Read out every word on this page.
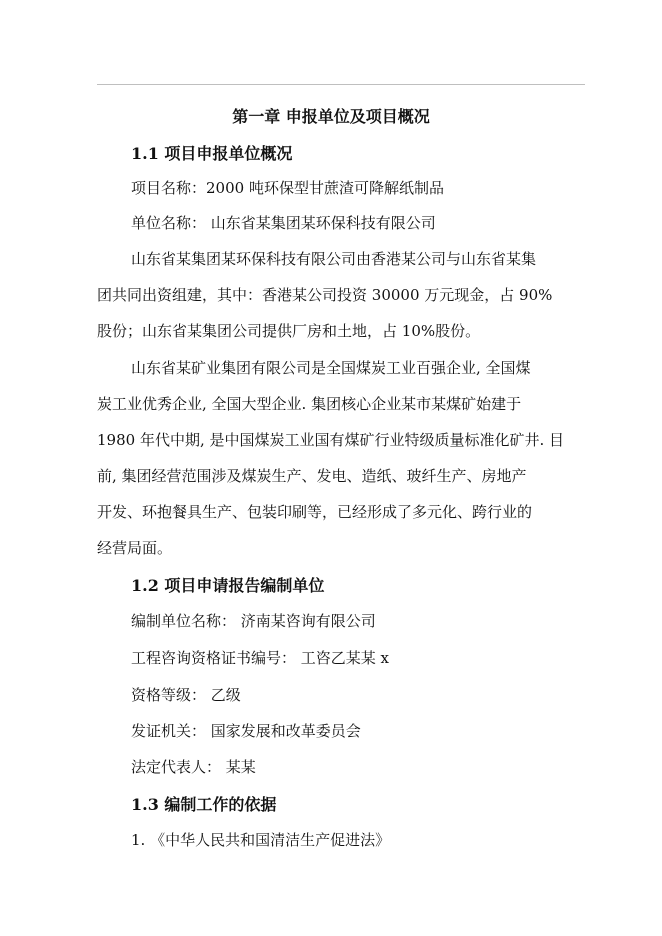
第一章 申报单位及项目概况
1.1 项目申报单位概况
项目名称：2000 吨环保型甘蔗渣可降解纸制品
单位名称： 山东省某集团某环保科技有限公司
山东省某集团某环保科技有限公司由香港某公司与山东省某集
团共同出资组建，其中：香港某公司投资 30000 万元现金，占 90%
股份；山东省某集团公司提供厂房和土地，占 10%股份。
山东省某矿业集团有限公司是全国煤炭工业百强企业, 全国煤
炭工业优秀企业, 全国大型企业. 集团核心企业某市某煤矿始建于
1980 年代中期, 是中国煤炭工业国有煤矿行业特级质量标准化矿井. 目
前, 集团经营范围涉及煤炭生产、发电、造纸、玻纤生产、房地产
开发、环抱餐具生产、包装印刷等，已经形成了多元化、跨行业的
经营局面。
1.2 项目申请报告编制单位
编制单位名称： 济南某咨询有限公司
工程咨询资格证书编号： 工咨乙某某 x
资格等级： 乙级
发证机关： 国家发展和改革委员会
法定代表人： 某某
1.3 编制工作的依据
1. 《中华人民共和国清洁生产促进法》
